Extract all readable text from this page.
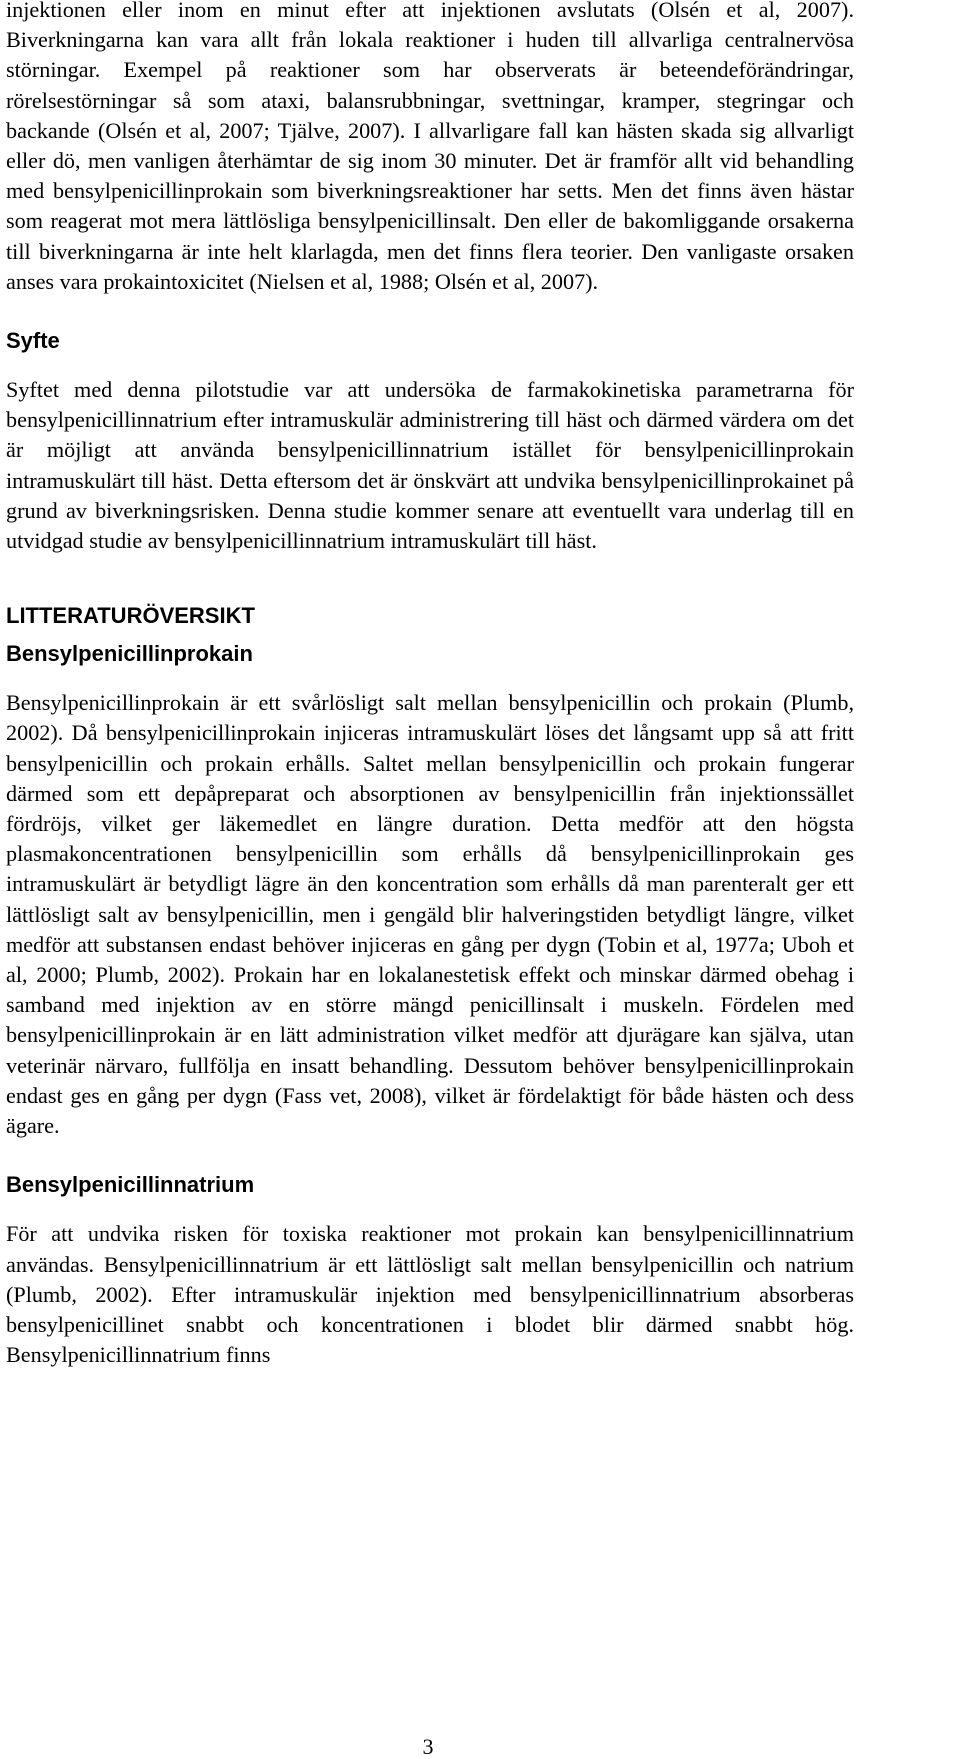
injektionen eller inom en minut efter att injektionen avslutats (Olsén et al, 2007). Biverkningarna kan vara allt från lokala reaktioner i huden till allvarliga centralnervösa störningar. Exempel på reaktioner som har observerats är beteendeförändringar, rörelsestörningar så som ataxi, balansrubbningar, svettningar, kramper, stegringar och backande (Olsén et al, 2007; Tjälve, 2007). I allvarligare fall kan hästen skada sig allvarligt eller dö, men vanligen återhämtar de sig inom 30 minuter. Det är framför allt vid behandling med bensylpenicillinprokain som biverkningsreaktioner har setts. Men det finns även hästar som reagerat mot mera lättlösliga bensylpenicillinsalt. Den eller de bakomliggande orsakerna till biverkningarna är inte helt klarlagda, men det finns flera teorier. Den vanligaste orsaken anses vara prokaintoxicitet (Nielsen et al, 1988; Olsén et al, 2007).

Syfte

Syftet med denna pilotstudie var att undersöka de farmakokinetiska parametrarna för bensylpenicillinnatrium efter intramuskulär administrering till häst och därmed värdera om det är möjligt att använda bensylpenicillinnatrium istället för bensylpenicillinprokain intramuskulärt till häst. Detta eftersom det är önskvärt att undvika bensylpenicillinprokainet på grund av biverkningsrisken. Denna studie kommer senare att eventuellt vara underlag till en utvidgad studie av bensylpenicillinnatrium intramuskulärt till häst.

LITTERATURÖVERSIKT
Bensylpenicillinprokain

Bensylpenicillinprokain är ett svårlösligt salt mellan bensylpenicillin och prokain (Plumb, 2002). Då bensylpenicillinprokain injiceras intramuskulärt löses det långsamt upp så att fritt bensylpenicillin och prokain erhålls. Saltet mellan bensylpenicillin och prokain fungerar därmed som ett depåpreparat och absorptionen av bensylpenicillin från injektionssället fördröjs, vilket ger läkemedlet en längre duration. Detta medför att den högsta plasmakoncentrationen bensylpenicillin som erhålls då bensylpenicillinprokain ges intramuskulärt är betydligt lägre än den koncentration som erhålls då man parenteralt ger ett lättlösligt salt av bensylpenicillin, men i gengäld blir halveringstiden betydligt längre, vilket medför att substansen endast behöver injiceras en gång per dygn (Tobin et al, 1977a; Uboh et al, 2000; Plumb, 2002). Prokain har en lokalanestetisk effekt och minskar därmed obehag i samband med injektion av en större mängd penicillinsalt i muskeln. Fördelen med bensylpenicillinprokain är en lätt administration vilket medför att djurägare kan själva, utan veterinär närvaro, fullfölja en insatt behandling. Dessutom behöver bensylpenicillinprokain endast ges en gång per dygn (Fass vet, 2008), vilket är fördelaktigt för både hästen och dess ägare.

Bensylpenicillinnatrium

För att undvika risken för toxiska reaktioner mot prokain kan bensylpenicillinnatrium användas. Bensylpenicillinnatrium är ett lättlösligt salt mellan bensylpenicillin och natrium (Plumb, 2002). Efter intramuskulär injektion med bensylpenicillinnatrium absorberas bensylpenicillinet snabbt och koncentrationen i blodet blir därmed snabbt hög. Bensylpenicillinnatrium finns

3
